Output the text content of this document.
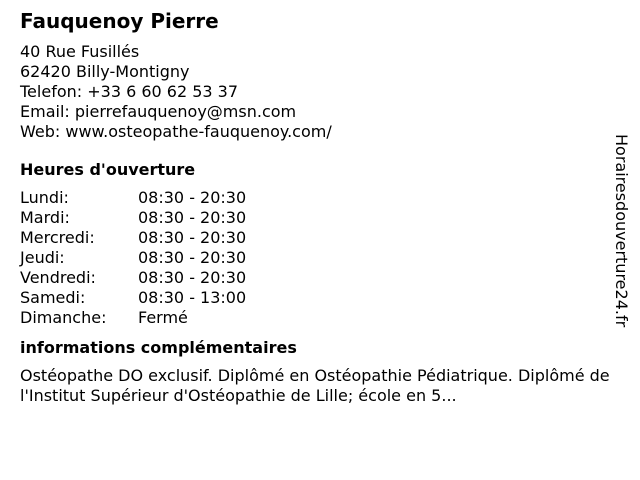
Fauquenoy Pierre
40 Rue Fusillés
62420 Billy-Montigny
Telefon: +33 6 60 62 53 37
Email: pierrefauquenoy@msn.com
Web: www.osteopathe-fauquenoy.com/
Heures d'ouverture
Lundi:	08:30 - 20:30
Mardi:	08:30 - 20:30
Mercredi:	08:30 - 20:30
Jeudi:	08:30 - 20:30
Vendredi:	08:30 - 20:30
Samedi:	08:30 - 13:00
Dimanche:	Fermé
informations complémentaires
Ostéopathe DO exclusif. Diplômé en Ostéopathie Pédiatrique. Diplômé de l'Institut Supérieur d'Ostéopathie de Lille; école en 5...
Horairesdouverture24.fr
